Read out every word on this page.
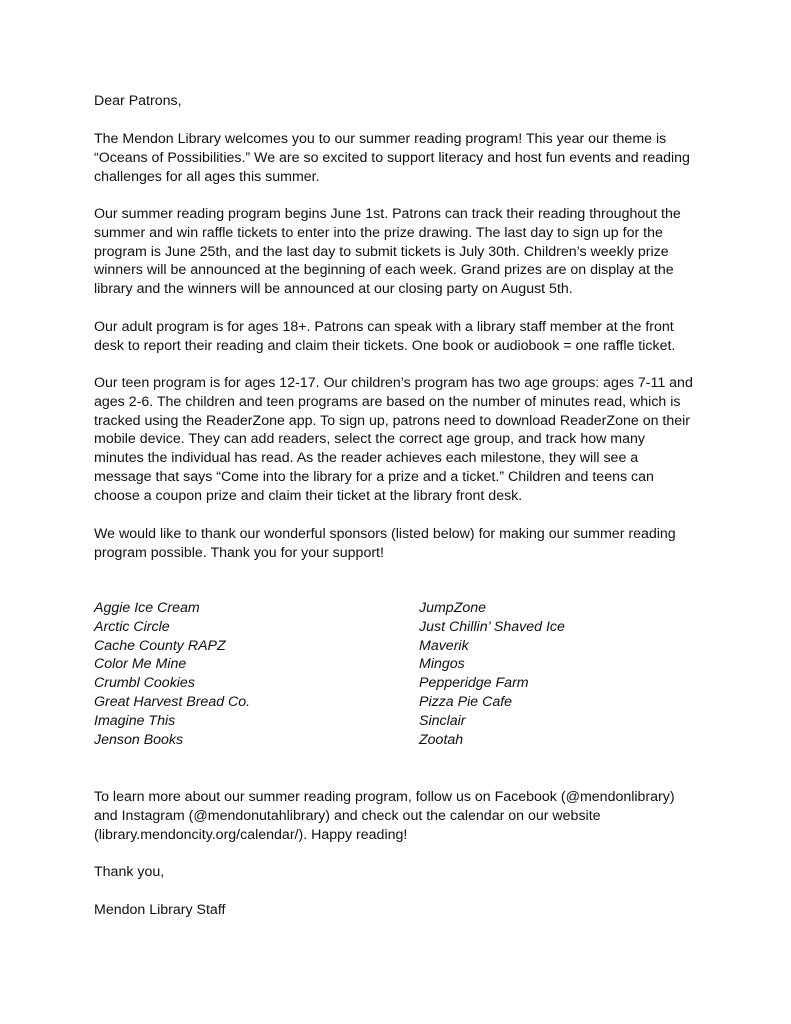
Dear Patrons,

The Mendon Library welcomes you to our summer reading program! This year our theme is
“Oceans of Possibilities.” We are so excited to support literacy and host fun events and reading
challenges for all ages this summer.

Our summer reading program begins June 1st. Patrons can track their reading throughout the
summer and win raffle tickets to enter into the prize drawing. The last day to sign up for the
program is June 25th, and the last day to submit tickets is July 30th. Children’s weekly prize
winners will be announced at the beginning of each week. Grand prizes are on display at the
library and the winners will be announced at our closing party on August 5th.

Our adult program is for ages 18+. Patrons can speak with a library staff member at the front
desk to report their reading and claim their tickets. One book or audiobook = one raffle ticket.

Our teen program is for ages 12-17. Our children’s program has two age groups: ages 7-11 and
ages 2-6. The children and teen programs are based on the number of minutes read, which is
tracked using the ReaderZone app. To sign up, patrons need to download ReaderZone on their
mobile device. They can add readers, select the correct age group, and track how many
minutes the individual has read. As the reader achieves each milestone, they will see a
message that says “Come into the library for a prize and a ticket.” Children and teens can
choose a coupon prize and claim their ticket at the library front desk.

We would like to thank our wonderful sponsors (listed below) for making our summer reading
program possible. Thank you for your support!

Aggie Ice Cream
Arctic Circle
Cache County RAPZ
Color Me Mine
Crumbl Cookies
Great Harvest Bread Co.
Imagine This
Jenson Books
JumpZone
Just Chillin’ Shaved Ice
Maverik
Mingos
Pepperidge Farm
Pizza Pie Cafe
Sinclair
Zootah

To learn more about our summer reading program, follow us on Facebook (@mendonlibrary)
and Instagram (@mendonutahlibrary) and check out the calendar on our website
(library.mendoncity.org/calendar/). Happy reading!

Thank you,

Mendon Library Staff
